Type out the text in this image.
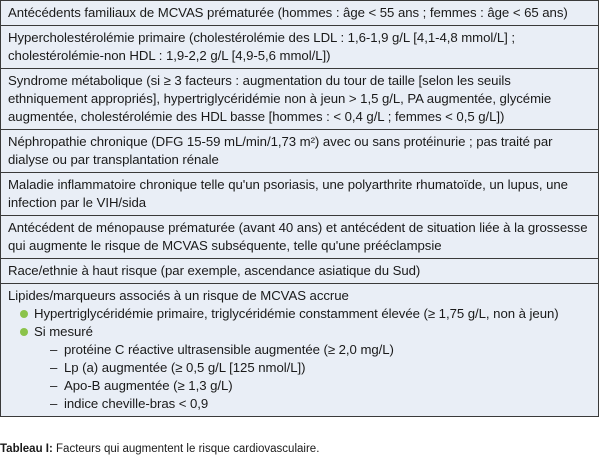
Antécédents familiaux de MCVAS prématurée (hommes : âge < 55 ans ; femmes : âge < 65 ans)
Hypercholestérolémie primaire (cholestérolémie des LDL : 1,6-1,9 g/L [4,1-4,8 mmol/L] ; cholestérolémie-non HDL : 1,9-2,2 g/L [4,9-5,6 mmol/L])
Syndrome métabolique (si ≥ 3 facteurs : augmentation du tour de taille [selon les seuils ethniquement appropriés], hypertriglycéridémie non à jeun > 1,5 g/L, PA augmentée, glycémie augmentée, cholestérolémie des HDL basse [hommes : < 0,4 g/L ; femmes < 0,5 g/L])
Néphropathie chronique (DFG 15-59 mL/min/1,73 m²) avec ou sans protéinurie ; pas traité par dialyse ou par transplantation rénale
Maladie inflammatoire chronique telle qu'un psoriasis, une polyarthrite rhumatoïde, un lupus, une infection par le VIH/sida
Antécédent de ménopause prématurée (avant 40 ans) et antécédent de situation liée à la grossesse qui augmente le risque de MCVAS subséquente, telle qu'une prééclampsie
Race/ethnie à haut risque (par exemple, ascendance asiatique du Sud)

Lipides/marqueurs associés à un risque de MCVAS accrue
Hypertriglycéridémie primaire, triglycéridémie constamment élevée (≥ 1,75 g/L, non à jeun)
Si mesuré
– protéine C réactive ultrasensible augmentée (≥ 2,0 mg/L)
– Lp (a) augmentée (≥ 0,5 g/L [125 nmol/L])
– Apo-B augmentée (≥ 1,3 g/L)
– indice cheville-bras < 0,9
Tableau I: Facteurs qui augmentent le risque cardiovasculaire.
